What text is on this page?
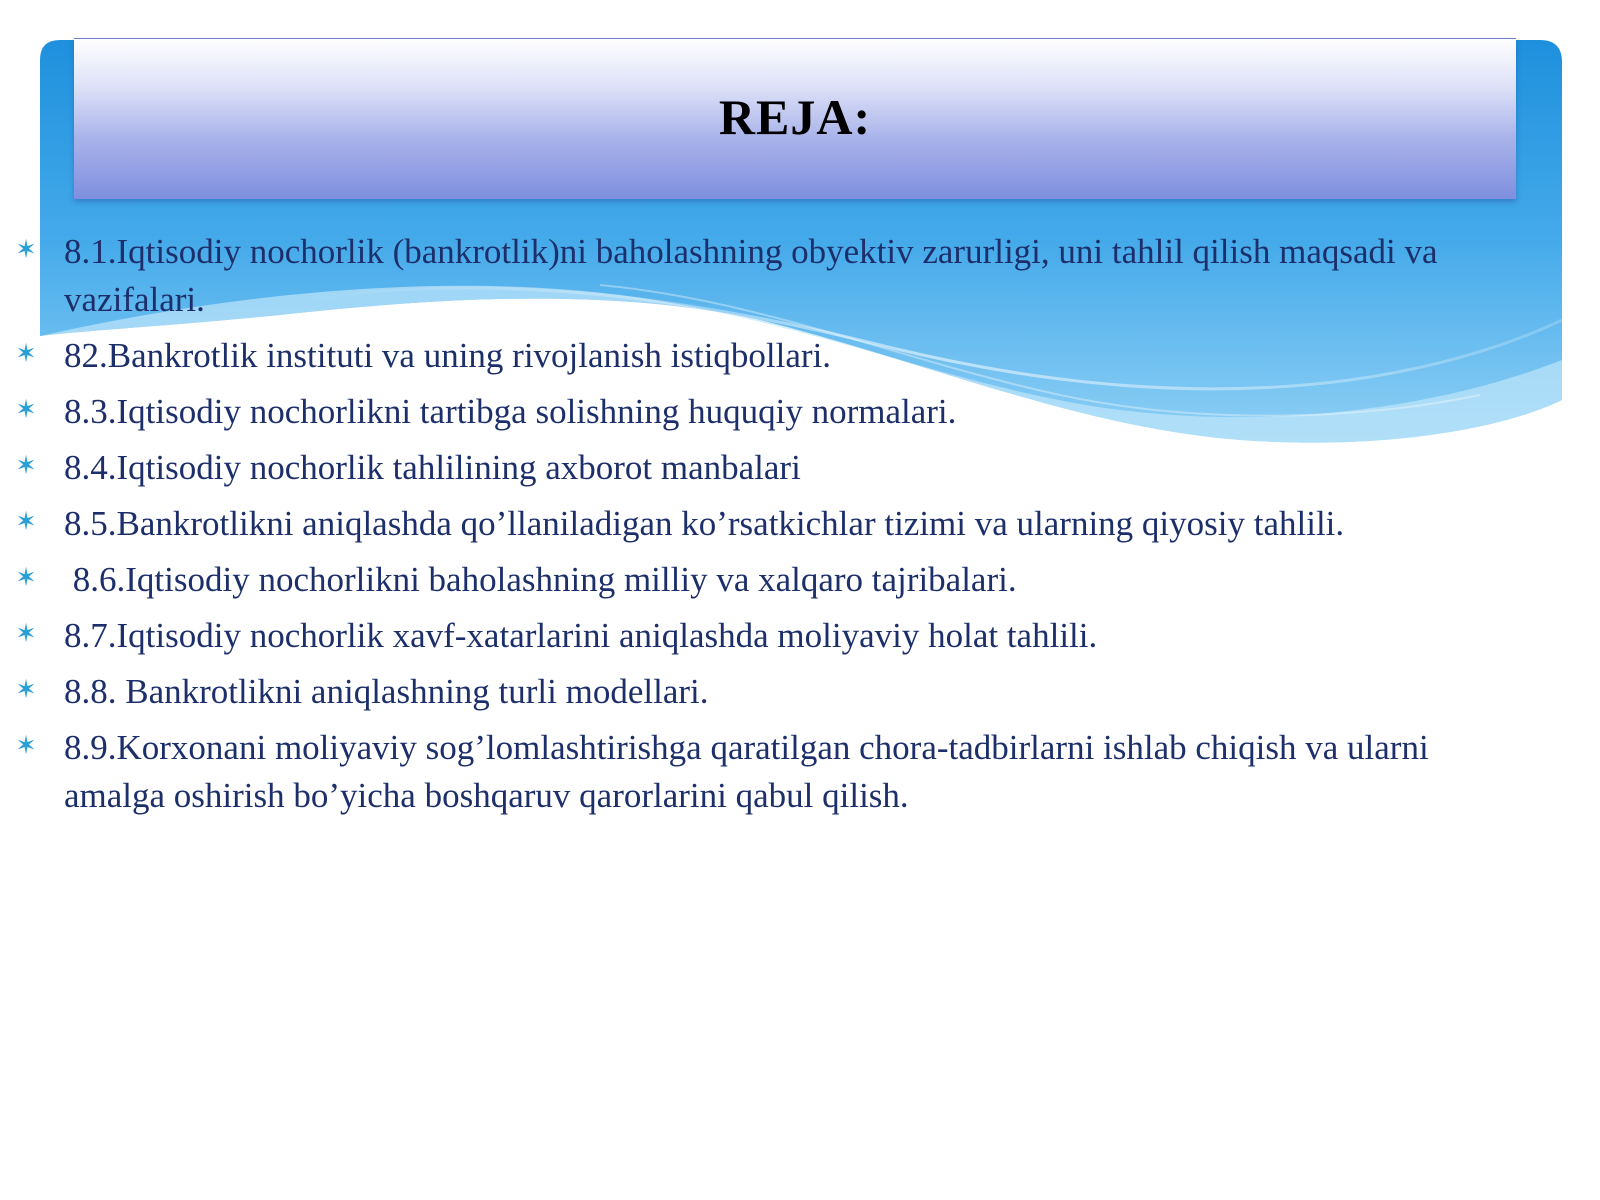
REJA:
✶ 8.1.Iqtisodiy nochorlik (bankrotlik)ni baholashning obyektiv zarurligi, uni tahlil qilish maqsadi va vazifalari.
✶ 82.Bankrotlik instituti va uning rivojlanish istiqbollari.
✶ 8.3.Iqtisodiy nochorlikni tartibga solishning huquqiy normalari.
✶ 8.4.Iqtisodiy nochorlik tahlilining axborot manbalari
✶ 8.5.Bankrotlikni aniqlashda qo’llaniladigan ko’rsatkichlar tizimi va ularning qiyosiy tahlili.
✶ 8.6.Iqtisodiy nochorlikni baholashning milliy va xalqaro tajribalari.
✶ 8.7.Iqtisodiy nochorlik xavf-xatarlarini aniqlashda moliyaviy holat tahlili.
✶ 8.8. Bankrotlikni aniqlashning turli modellari.
✶ 8.9.Korxonani moliyaviy sog’lomlashtirishga qaratilgan chora-tadbirlarni ishlab chiqish va ularni amalga oshirish bo’yicha boshqaruv qarorlarini qabul qilish.
